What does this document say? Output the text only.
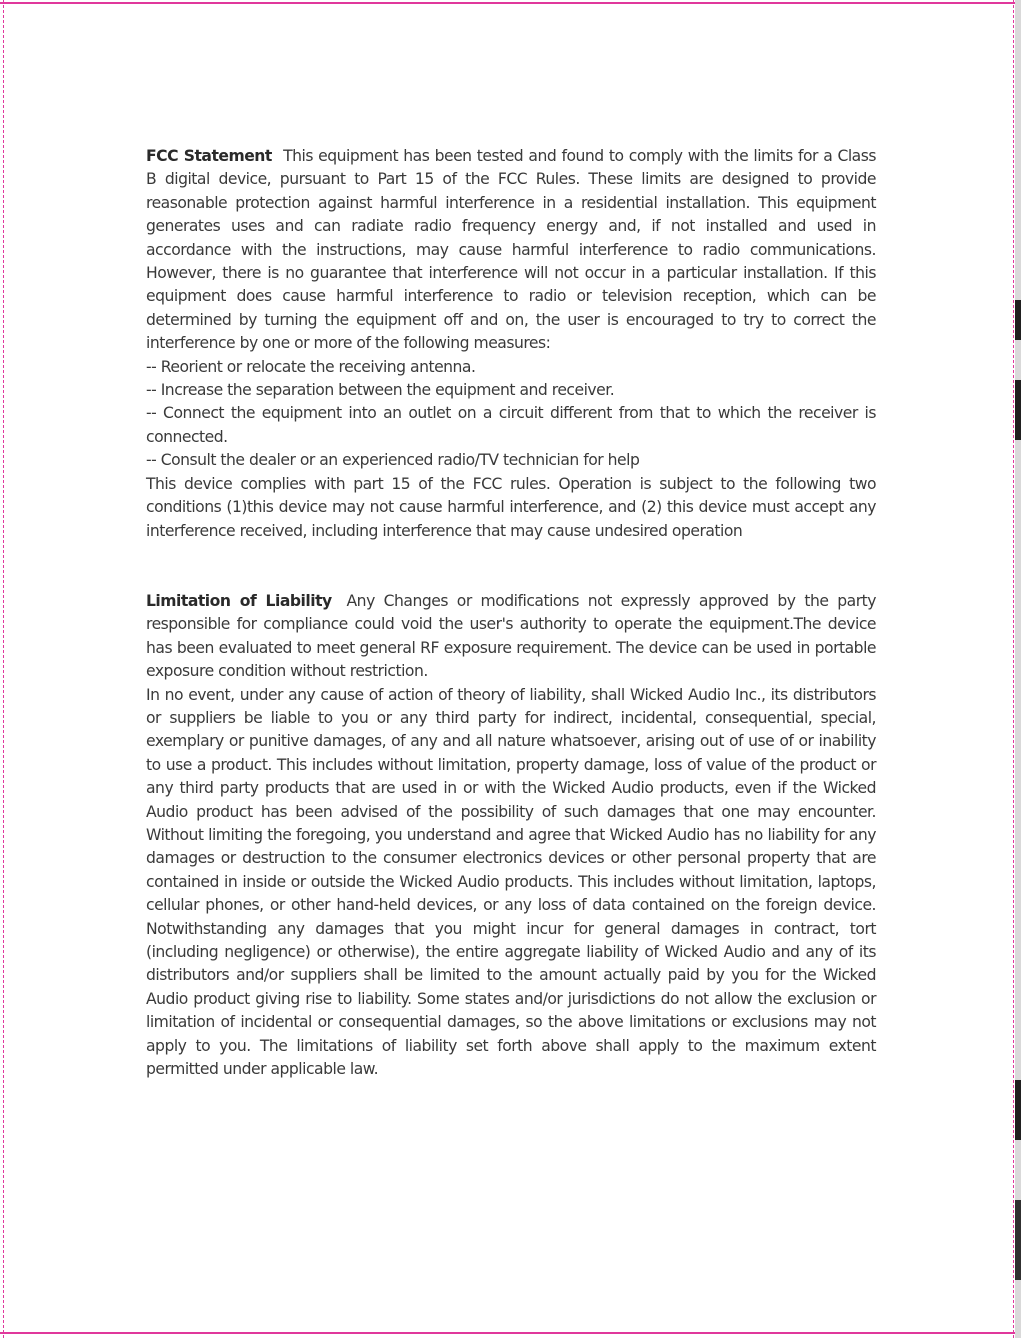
FCC Statement This equipment has been tested and found to comply with the limits for a Class B digital device, pursuant to Part 15 of the FCC Rules. These limits are designed to provide reasonable protection against harmful interference in a residential installation. This equipment generates uses and can radiate radio frequency energy and, if not installed and used in accordance with the instructions, may cause harmful interference to radio communications. However, there is no guarantee that interference will not occur in a particular installation. If this equipment does cause harmful interference to radio or television reception, which can be determined by turning the equipment off and on, the user is encouraged to try to correct the interference by one or more of the following measures:

-- Reorient or relocate the receiving antenna.

-- Increase the separation between the equipment and receiver.

-- Connect the equipment into an outlet on a circuit different from that to which the receiver is connected.

-- Consult the dealer or an experienced radio/TV technician for help

This device complies with part 15 of the FCC rules. Operation is subject to the following two conditions (1)this device may not cause harmful interference, and (2) this device must accept any interference received, including interference that may cause undesired operation

Limitation of Liability Any Changes or modifications not expressly approved by the party responsible for compliance could void the user's authority to operate the equipment.The device has been evaluated to meet general RF exposure requirement. The device can be used in portable exposure condition without restriction.

In no event, under any cause of action of theory of liability, shall Wicked Audio Inc., its distributors or suppliers be liable to you or any third party for indirect, incidental, consequential, special, exemplary or punitive damages, of any and all nature whatsoever, arising out of use of or inability to use a product. This includes without limitation, property damage, loss of value of the product or any third party products that are used in or with the Wicked Audio products, even if the Wicked Audio product has been advised of the possibility of such damages that one may encounter. Without limiting the foregoing, you understand and agree that Wicked Audio has no liability for any damages or destruction to the consumer electronics devices or other personal property that are contained in inside or outside the Wicked Audio products. This includes without limitation, laptops, cellular phones, or other hand-held devices, or any loss of data contained on the foreign device. Notwithstanding any damages that you might incur for general damages in contract, tort (including negligence) or otherwise), the entire aggregate liability of Wicked Audio and any of its distributors and/or suppliers shall be limited to the amount actually paid by you for the Wicked Audio product giving rise to liability. Some states and/or jurisdictions do not allow the exclusion or limitation of incidental or consequential damages, so the above limitations or exclusions may not apply to you. The limitations of liability set forth above shall apply to the maximum extent permitted under applicable law.
